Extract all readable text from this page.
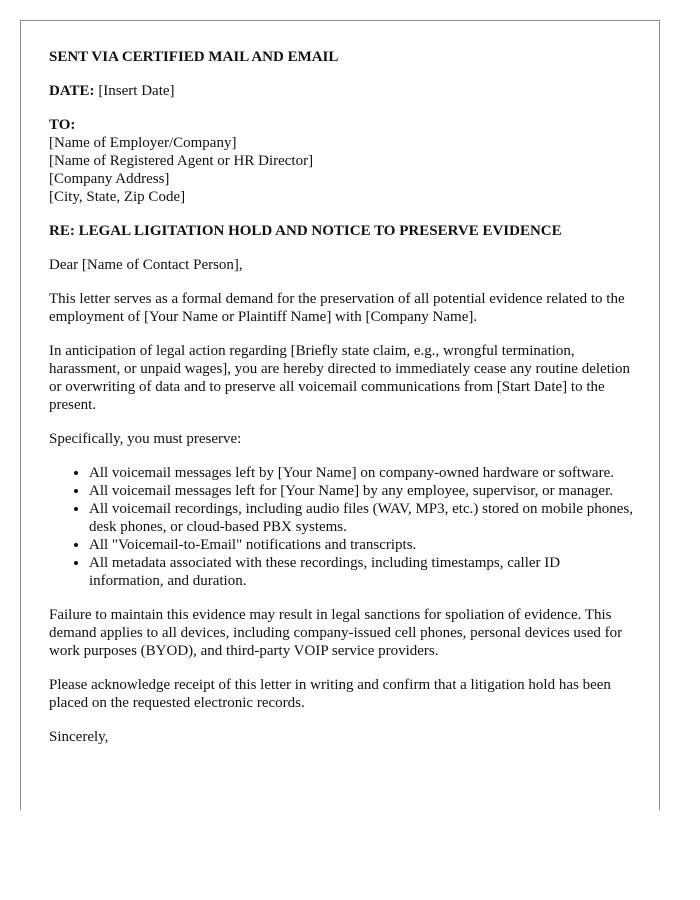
SENT VIA CERTIFIED MAIL AND EMAIL
DATE: [Insert Date]
TO:
[Name of Employer/Company]
[Name of Registered Agent or HR Director]
[Company Address]
[City, State, Zip Code]
RE: LEGAL LIGITATION HOLD AND NOTICE TO PRESERVE EVIDENCE

Dear [Name of Contact Person],

This letter serves as a formal demand for the preservation of all potential evidence related to the employment of [Your Name or Plaintiff Name] with [Company Name].

In anticipation of legal action regarding [Briefly state claim, e.g., wrongful termination, harassment, or unpaid wages], you are hereby directed to immediately cease any routine deletion or overwriting of data and to preserve all voicemail communications from [Start Date] to the present.

Specifically, you must preserve:

• All voicemail messages left by [Your Name] on company-owned hardware or software.
• All voicemail messages left for [Your Name] by any employee, supervisor, or manager.
• All voicemail recordings, including audio files (WAV, MP3, etc.) stored on mobile phones, desk phones, or cloud-based PBX systems.
• All "Voicemail-to-Email" notifications and transcripts.
• All metadata associated with these recordings, including timestamps, caller ID information, and duration.

Failure to maintain this evidence may result in legal sanctions for spoliation of evidence. This demand applies to all devices, including company-issued cell phones, personal devices used for work purposes (BYOD), and third-party VOIP service providers.

Please acknowledge receipt of this letter in writing and confirm that a litigation hold has been placed on the requested electronic records.

Sincerely,
